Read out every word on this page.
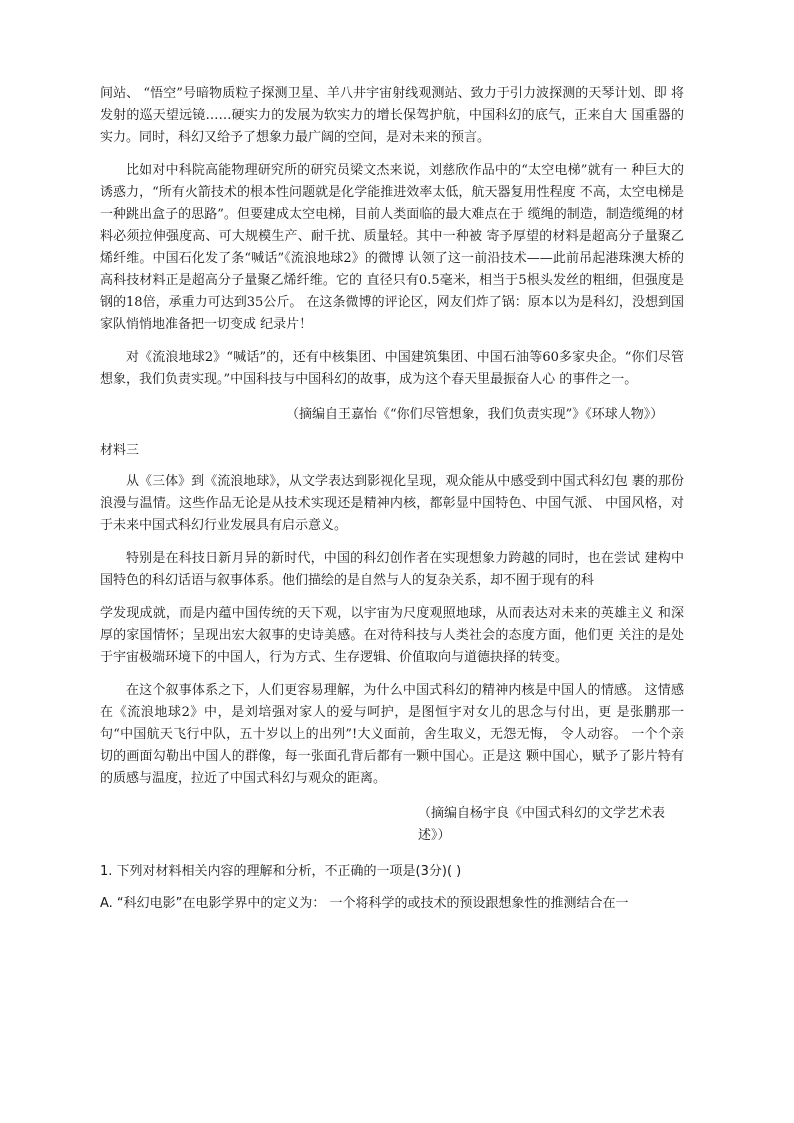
间站、 “悟空”号暗物质粒子探测卫星、羊八井宇宙射线观测站、致力于引力波探测的天琴计划、即 将发射的巡天望远镜……硬实力的发展为软实力的增长保驾护航，中国科幻的底气，正来自大 国重器的实力。同时，科幻又给予了想象力最广阔的空间，是对未来的预言。

比如对中科院高能物理研究所的研究员梁文杰来说，刘慈欣作品中的“太空电梯”就有一 种巨大的诱惑力，“所有火箭技术的根本性问题就是化学能推进效率太低，航天器复用性程度 不高，太空电梯是一种跳出盒子的思路”。但要建成太空电梯，目前人类面临的最大难点在于 缆绳的制造，制造缆绳的材料必须拉伸强度高、可大规模生产、耐千扰、质量轻。其中一种被 寄予厚望的材料是超高分子量聚乙烯纤维。中国石化发了条“喊话”《流浪地球2》的微博 认领了这一前沿技术——此前吊起港珠澳大桥的高科技材料正是超高分子量聚乙烯纤维。它的 直径只有0.5毫米，相当于5根头发丝的粗细，但强度是钢的18倍，承重力可达到35公斤。 在这条微博的评论区，网友们炸了锅：原本以为是科幻，没想到国家队悄悄地准备把一切变成 纪录片！

对《流浪地球2》“喊话”的，还有中核集团、中国建筑集团、中国石油等60多家央企。“你们尽管想象，我们负责实现。”中国科技与中国科幻的故事，成为这个春天里最振奋人心 的事件之一。

（摘编自王嘉怡《“你们尽管想象，我们负责实现”》《环球人物》）

材料三

从《三体》到《流浪地球》，从文学表达到影视化呈现，观众能从中感受到中国式科幻包 裹的那份浪漫与温情。这些作品无论是从技术实现还是精神内核，都彰显中国特色、中国气派、 中国风格，对于未来中国式科幻行业发展具有启示意义。

特别是在科技日新月异的新时代，中国的科幻创作者在实现想象力跨越的同时，也在尝试 建构中国特色的科幻话语与叙事体系。他们描绘的是自然与人的复杂关系，却不囿于现有的科

学发现成就，而是内蕴中国传统的天下观，以宇宙为尺度观照地球，从而表达对未来的英雄主义 和深厚的家国情怀；呈现出宏大叙事的史诗美感。在对待科技与人类社会的态度方面，他们更 关注的是处于宇宙极端环境下的中国人，行为方式、生存逻辑、价值取向与道德抉择的转变。

在这个叙事体系之下，人们更容易理解，为什么中国式科幻的精神内核是中国人的情感。 这情感在《流浪地球2》中，是刘培强对家人的爱与呵护，是图恒宇对女儿的思念与付出，更 是张鹏那一句“中国航天飞行中队，五十岁以上的出列”!大义面前，舍生取义，无怨无悔， 令人动容。 一个个亲切的画面勾勒出中国人的群像，每一张面孔背后都有一颗中国心。正是这 颗中国心，赋予了影片特有的质感与温度，拉近了中国式科幻与观众的距离。

（摘编自杨宇良《中国式科幻的文学艺术表述》）

1. 下列对材料相关内容的理解和分析，不正确的一项是(3分)( )

A. “科幻电影”在电影学界中的定义为： 一个将科学的或技术的预设跟想象性的推测结合在一
